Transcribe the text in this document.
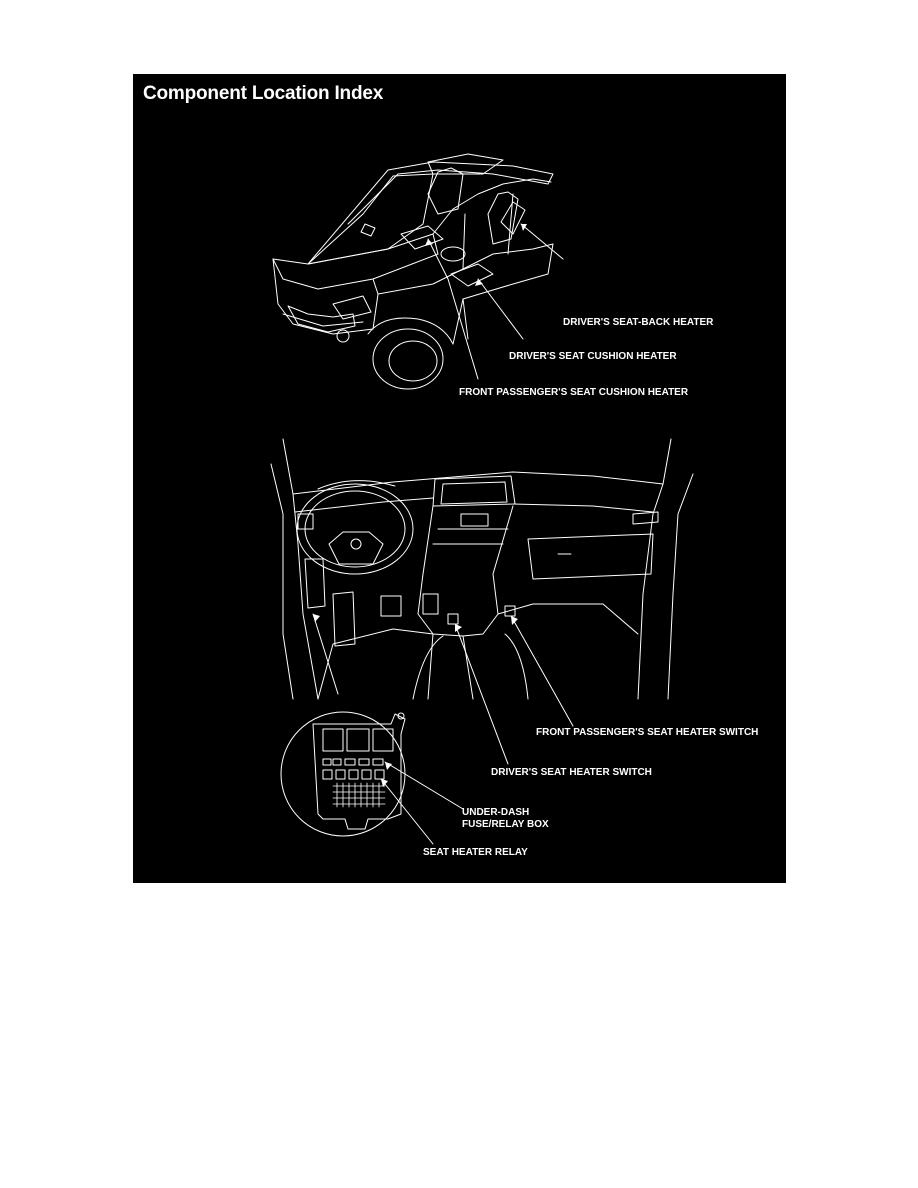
Component Location Index
DRIVER'S SEAT-BACK HEATER
DRIVER'S SEAT CUSHION HEATER
FRONT PASSENGER'S SEAT CUSHION HEATER
FRONT PASSENGER'S SEAT HEATER SWITCH
DRIVER'S SEAT HEATER SWITCH
UNDER-DASH
FUSE/RELAY BOX
SEAT HEATER RELAY
